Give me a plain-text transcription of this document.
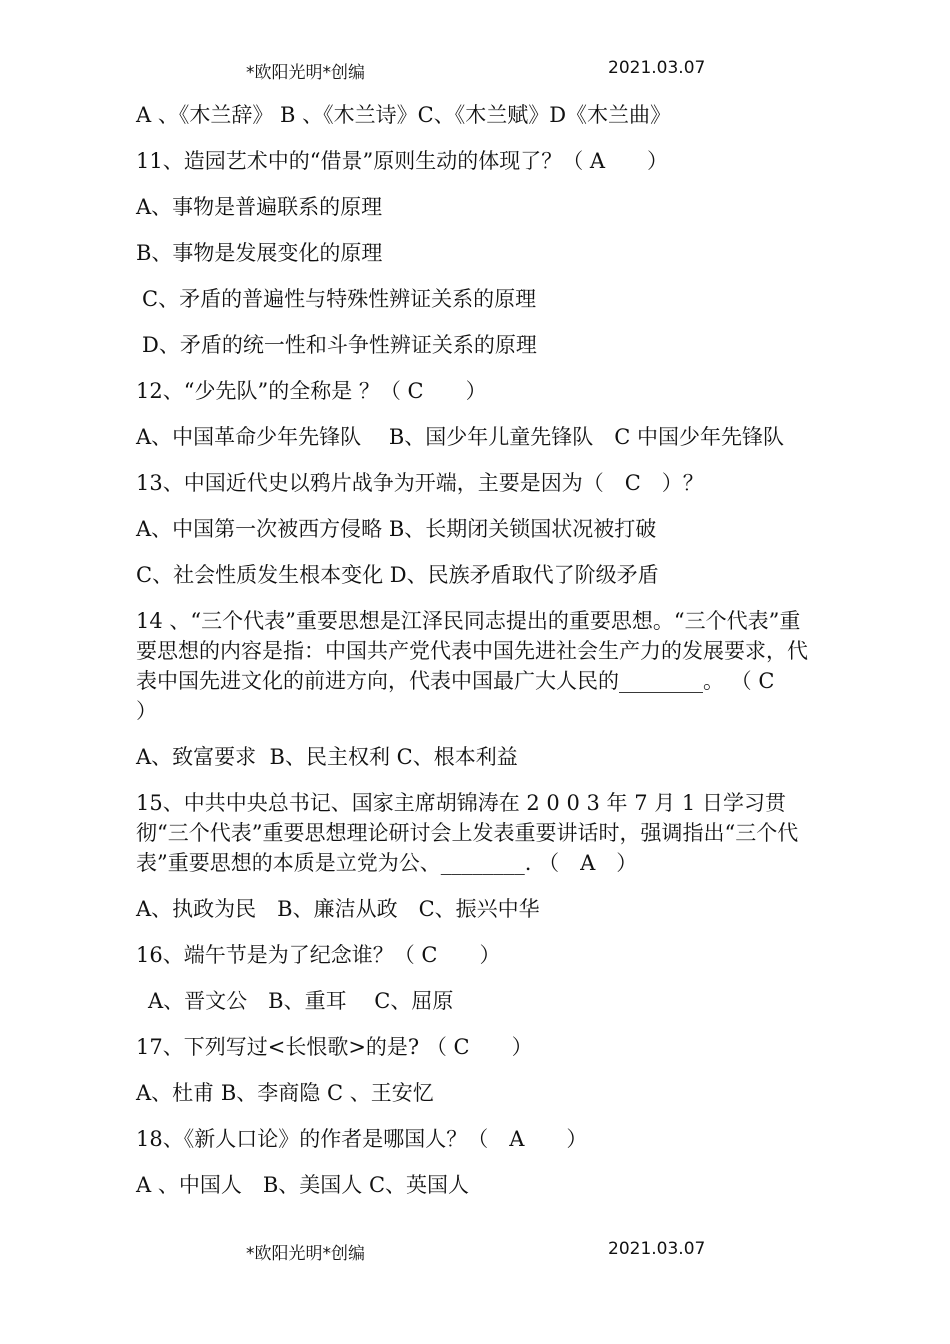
*欧阳光明*创编	2021.03.07
A 、《木兰辞》 B 、《木兰诗》C、《木兰赋》D《木兰曲》
11、造园艺术中的“借景”原则生动的体现了？（ A　　）
A、事物是普遍联系的原理
B、事物是发展变化的原理
C、矛盾的普遍性与特殊性辨证关系的原理
D、矛盾的统一性和斗争性辨证关系的原理
12、“少先队”的全称是 ？（ C　　）
A、中国革命少年先锋队　 B、国少年儿童先锋队　C 中国少年先锋队
13、中国近代史以鸦片战争为开端，主要是因为（　C　）？
A、中国第一次被西方侵略 B、长期闭关锁国状况被打破
C、社会性质发生根本变化 D、民族矛盾取代了阶级矛盾
14 、“三个代表”重要思想是江泽民同志提出的重要思想。“三个代表”重要思想的内容是指：中国共产党代表中国先进社会生产力的发展要求，代表中国先进文化的前进方向，代表中国最广大人民的________。 （ C　 ）
A、致富要求  B、民主权利 C、根本利益
15、中共中央总书记、国家主席胡锦涛在 2 0 0 3 年 7 月 1 日学习贯彻“三个代表”重要思想理论研讨会上发表重要讲话时，强调指出“三个代表”重要思想的本质是立党为公、________. （　A　）
A、执政为民　B、廉洁从政　C、振兴中华
16、端午节是为了纪念谁？（ C　　）
A、晋文公　B、重耳　 C、屈原
17、下列写过<长恨歌>的是? （ C　　）
A、杜甫 B、李商隐 C 、王安忆
18、《新人口论》的作者是哪国人？（　A　　）
A 、中国人　B、美国人 C、英国人
*欧阳光明*创编	2021.03.07
